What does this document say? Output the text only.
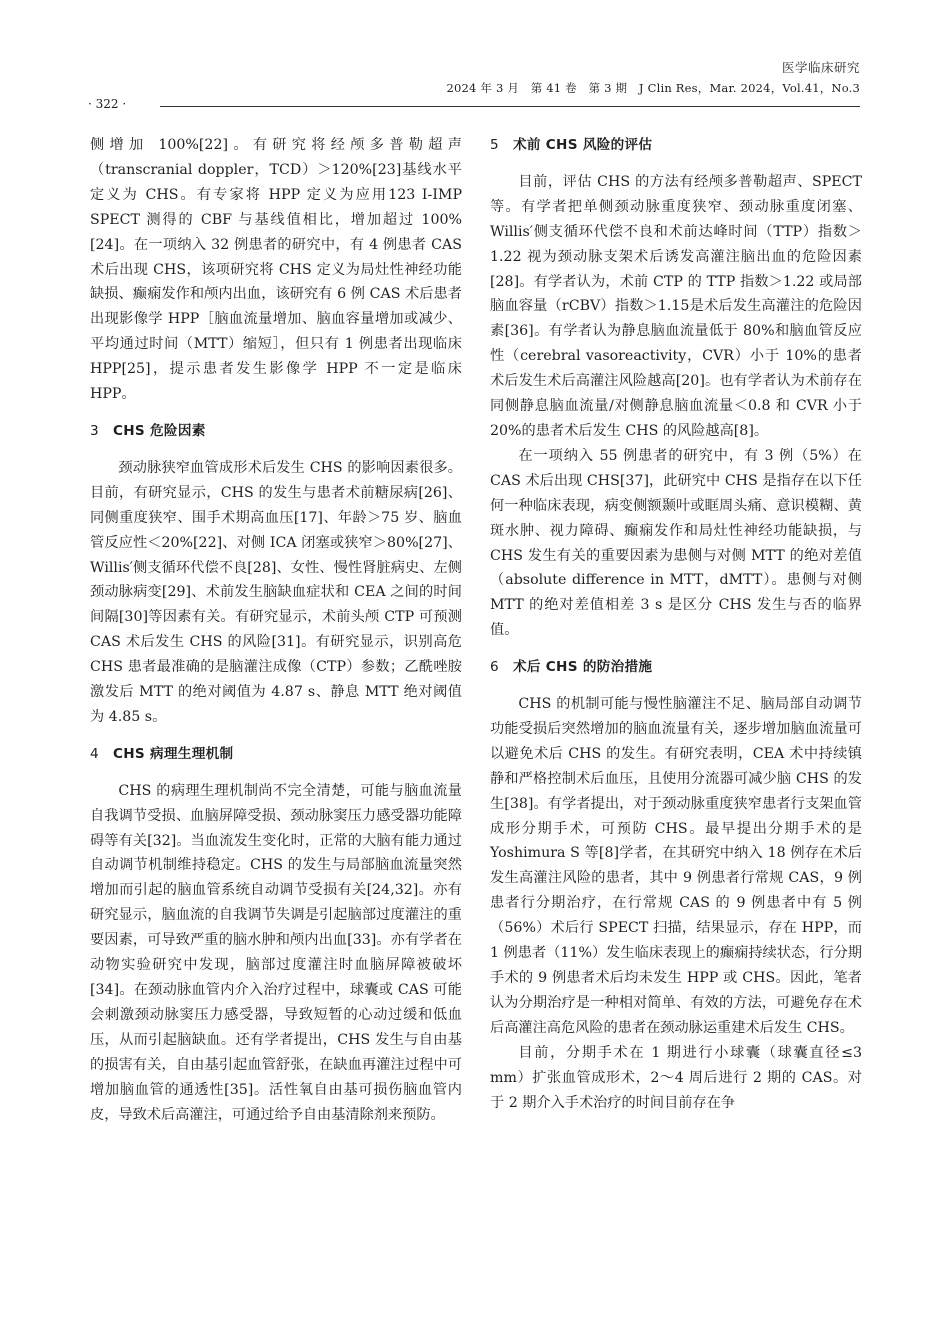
医学临床研究
2024 年 3 月　第 41 卷　第 3 期　J Clin Res，Mar. 2024，Vol.41，No.3
· 322 ·

侧增加 100%[22]。有研究将经颅多普勒超声（transcranial doppler，TCD）＞120%[23]基线水平定义为 CHS。有专家将 HPP 定义为应用123 I-IMP SPECT 测得的 CBF 与基线值相比，增加超过 100%[24]。在一项纳入 32 例患者的研究中，有 4 例患者 CAS 术后出现 CHS，该项研究将 CHS 定义为局灶性神经功能缺损、癫痫发作和颅内出血，该研究有 6 例 CAS 术后患者出现影像学 HPP［脑血流量增加、脑血容量增加或减少、平均通过时间（MTT）缩短］，但只有 1 例患者出现临床 HPP[25]，提示患者发生影像学 HPP 不一定是临床 HPP。

3 CHS 危险因素

颈动脉狭窄血管成形术后发生 CHS 的影响因素很多。目前，有研究显示，CHS 的发生与患者术前糖尿病[26]、同侧重度狭窄、围手术期高血压[17]、年龄＞75 岁、脑血管反应性＜20%[22]、对侧 ICA 闭塞或狭窄＞80%[27]、Willis′侧支循环代偿不良[28]、女性、慢性肾脏病史、左侧颈动脉病变[29]、术前发生脑缺血症状和 CEA 之间的时间间隔[30]等因素有关。有研究显示，术前头颅 CTP 可预测 CAS 术后发生 CHS 的风险[31]。有研究显示，识别高危 CHS 患者最准确的是脑灌注成像（CTP）参数；乙酰唑胺激发后 MTT 的绝对阈值为 4.87 s、静息 MTT 绝对阈值为 4.85 s。

4 CHS 病理生理机制

CHS 的病理生理机制尚不完全清楚，可能与脑血流量自我调节受损、血脑屏障受损、颈动脉窦压力感受器功能障碍等有关[32]。当血流发生变化时，正常的大脑有能力通过自动调节机制维持稳定。CHS 的发生与局部脑血流量突然增加而引起的脑血管系统自动调节受损有关[24,32]。亦有研究显示，脑血流的自我调节失调是引起脑部过度灌注的重要因素，可导致严重的脑水肿和颅内出血[33]。亦有学者在动物实验研究中发现，脑部过度灌注时血脑屏障被破坏[34]。在颈动脉血管内介入治疗过程中，球囊或 CAS 可能会刺激颈动脉窦压力感受器，导致短暂的心动过缓和低血压，从而引起脑缺血。还有学者提出，CHS 发生与自由基的损害有关，自由基引起血管舒张，在缺血再灌注过程中可增加脑血管的通透性[35]。活性氧自由基可损伤脑血管内皮，导致术后高灌注，可通过给予自由基清除剂来预防。

5 术前 CHS 风险的评估

目前，评估 CHS 的方法有经颅多普勒超声、SPECT 等。有学者把单侧颈动脉重度狭窄、颈动脉重度闭塞、Willis′侧支循环代偿不良和术前达峰时间（TTP）指数＞1.22 视为颈动脉支架术后诱发高灌注脑出血的危险因素[28]。有学者认为，术前 CTP 的 TTP 指数＞1.22 或局部脑血容量（rCBV）指数＞1.15是术后发生高灌注的危险因素[36]。有学者认为静息脑血流量低于 80%和脑血管反应性（cerebral vasoreactivity，CVR）小于 10%的患者术后发生术后高灌注风险越高[20]。也有学者认为术前存在同侧静息脑血流量/对侧静息脑血流量＜0.8 和 CVR 小于 20%的患者术后发生 CHS 的风险越高[8]。

在一项纳入 55 例患者的研究中，有 3 例（5%）在 CAS 术后出现 CHS[37]，此研究中 CHS 是指存在以下任何一种临床表现，病变侧额颞叶或眶周头痛、意识模糊、黄斑水肿、视力障碍、癫痫发作和局灶性神经功能缺损，与 CHS 发生有关的重要因素为患侧与对侧 MTT 的绝对差值（absolute difference in MTT，dMTT）。患侧与对侧 MTT 的绝对差值相差 3 s 是区分 CHS 发生与否的临界值。

6 术后 CHS 的防治措施

CHS 的机制可能与慢性脑灌注不足、脑局部自动调节功能受损后突然增加的脑血流量有关，逐步增加脑血流量可以避免术后 CHS 的发生。有研究表明，CEA 术中持续镇静和严格控制术后血压，且使用分流器可减少脑 CHS 的发生[38]。有学者提出，对于颈动脉重度狭窄患者行支架血管成形分期手术，可预防 CHS。最早提出分期手术的是 Yoshimura S 等[8]学者，在其研究中纳入 18 例存在术后发生高灌注风险的患者，其中 9 例患者行常规 CAS，9 例患者行分期治疗，在行常规 CAS 的 9 例患者中有 5 例（56%）术后行 SPECT 扫描，结果显示，存在 HPP，而 1 例患者（11%）发生临床表现上的癫痫持续状态，行分期手术的 9 例患者术后均未发生 HPP 或 CHS。因此，笔者认为分期治疗是一种相对简单、有效的方法，可避免存在术后高灌注高危风险的患者在颈动脉运重建术后发生 CHS。

目前，分期手术在 1 期进行小球囊（球囊直径≤3 mm）扩张血管成形术，2～4 周后进行 2 期的 CAS。对于 2 期介入手术治疗的时间目前存在争
